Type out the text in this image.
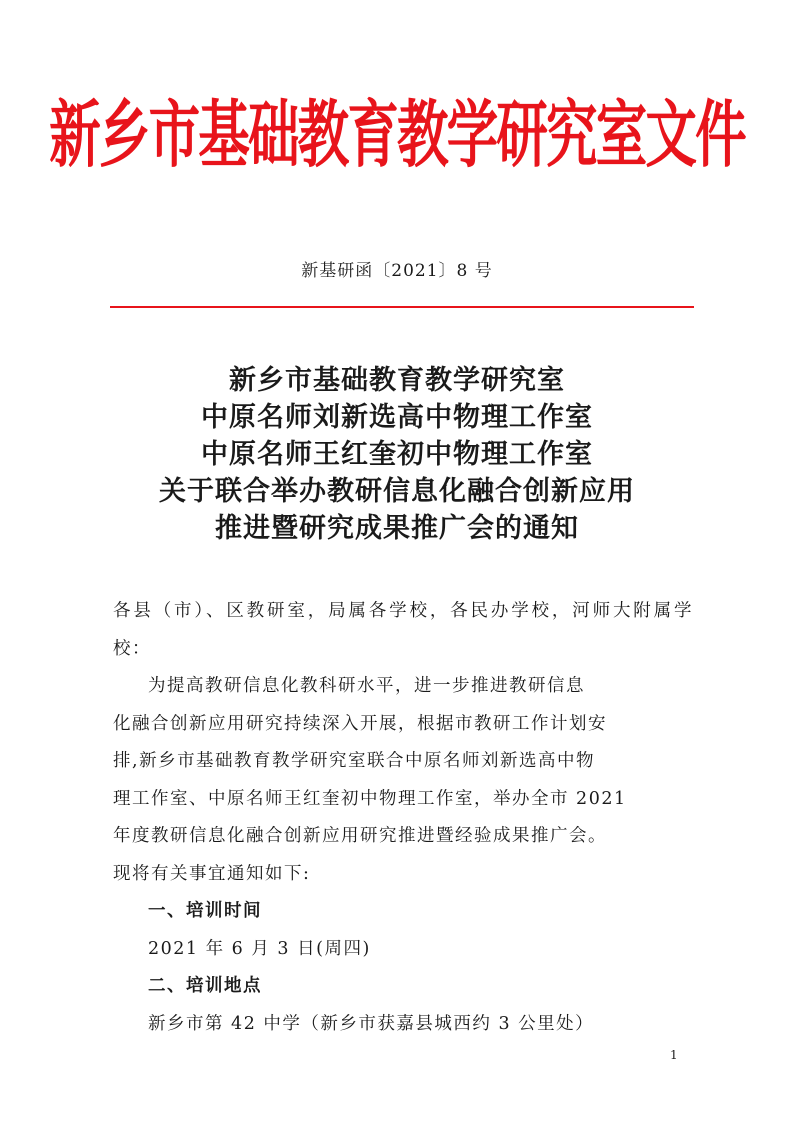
新乡市基础教育教学研究室文件
新基研函〔2021〕8 号
新乡市基础教育教学研究室
中原名师刘新选高中物理工作室
中原名师王红奎初中物理工作室
关于联合举办教研信息化融合创新应用
推进暨研究成果推广会的通知

各县（市）、区教研室，局属各学校，各民办学校，河师大附属学校：

为提高教研信息化教科研水平，进一步推进教研信息
化融合创新应用研究持续深入开展，根据市教研工作计划安
排,新乡市基础教育教学研究室联合中原名师刘新选高中物
理工作室、中原名师王红奎初中物理工作室，举办全市 2021
年度教研信息化融合创新应用研究推进暨经验成果推广会。
现将有关事宜通知如下:
一、培训时间
2021 年 6 月 3 日(周四)
二、培训地点
新乡市第 42 中学（新乡市获嘉县城西约 3 公里处）
1
